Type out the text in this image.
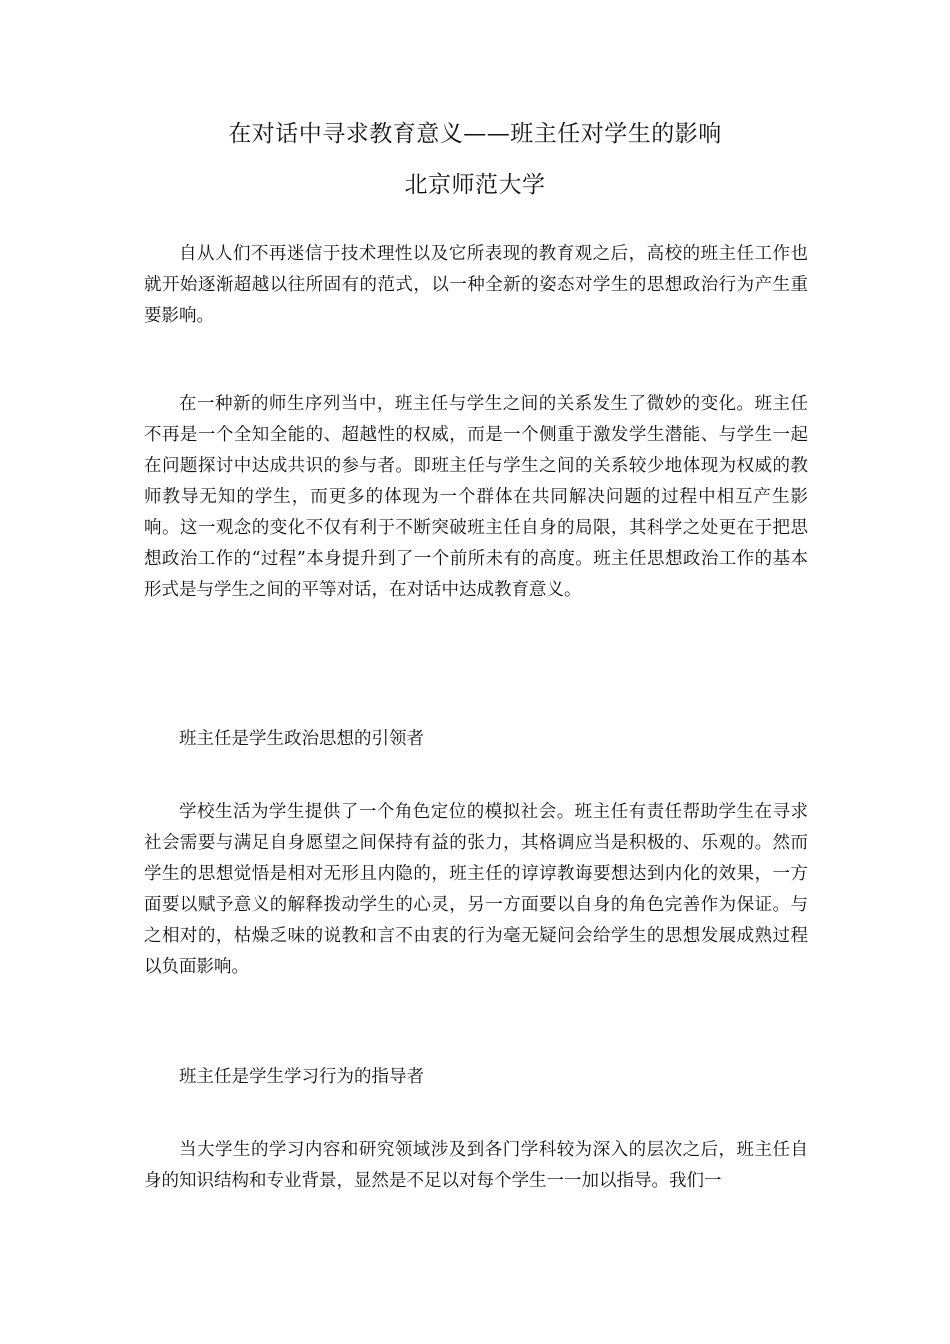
在对话中寻求教育意义——班主任对学生的影响
北京师范大学

自从人们不再迷信于技术理性以及它所表现的教育观之后，高校的班主任工作也就开始逐渐超越以往所固有的范式，以一种全新的姿态对学生的思想政治行为产生重要影响。

在一种新的师生序列当中，班主任与学生之间的关系发生了微妙的变化。班主任不再是一个全知全能的、超越性的权威，而是一个侧重于激发学生潜能、与学生一起在问题探讨中达成共识的参与者。即班主任与学生之间的关系较少地体现为权威的教师教导无知的学生，而更多的体现为一个群体在共同解决问题的过程中相互产生影响。这一观念的变化不仅有利于不断突破班主任自身的局限，其科学之处更在于把思想政治工作的“过程”本身提升到了一个前所未有的高度。班主任思想政治工作的基本形式是与学生之间的平等对话，在对话中达成教育意义。

班主任是学生政治思想的引领者

学校生活为学生提供了一个角色定位的模拟社会。班主任有责任帮助学生在寻求社会需要与满足自身愿望之间保持有益的张力，其格调应当是积极的、乐观的。然而学生的思想觉悟是相对无形且内隐的，班主任的谆谆教诲要想达到内化的效果，一方面要以赋予意义的解释拨动学生的心灵，另一方面要以自身的角色完善作为保证。与之相对的，枯燥乏味的说教和言不由衷的行为毫无疑问会给学生的思想发展成熟过程以负面影响。

班主任是学生学习行为的指导者

当大学生的学习内容和研究领域涉及到各门学科较为深入的层次之后，班主任自身的知识结构和专业背景，显然是不足以对每个学生一一加以指导。我们一
